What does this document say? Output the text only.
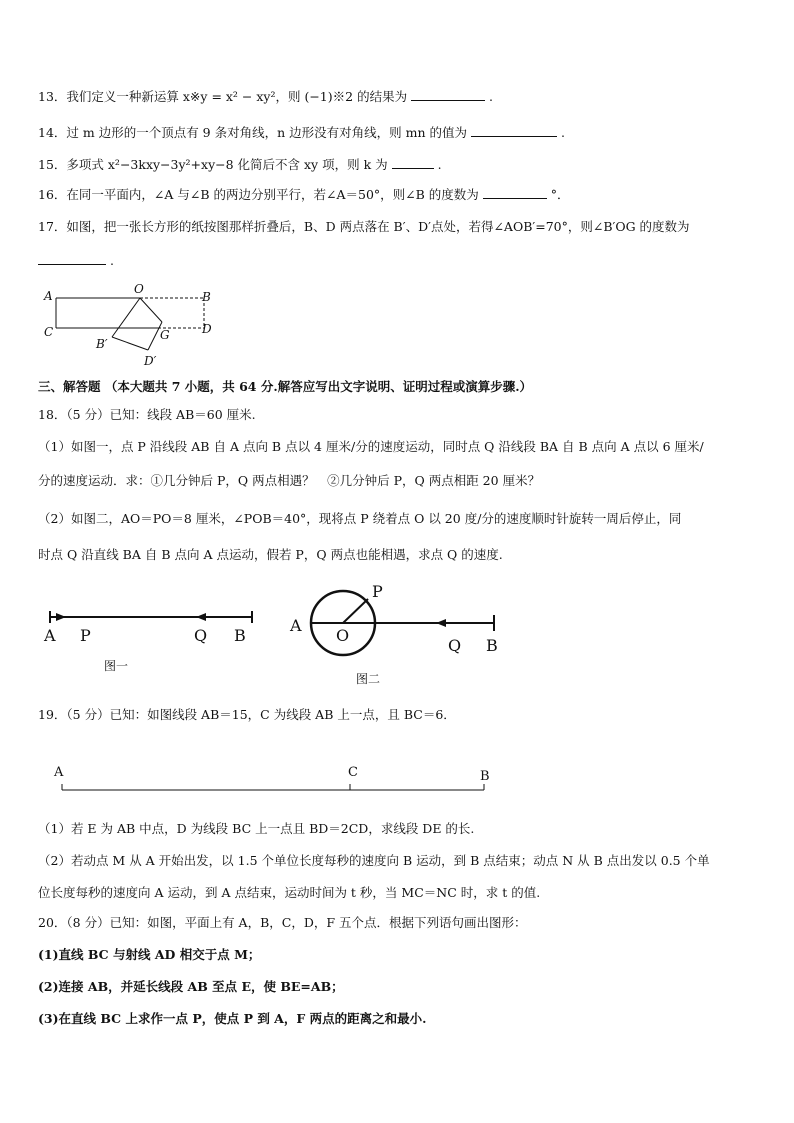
13．我们定义一种新运算 x※y = x² − xy²，则 (−1)※2 的结果为	.
14．过 m 边形的一个顶点有 9 条对角线，n 边形没有对角线，则 mn 的值为	.
15．多项式 x²−3kxy−3y²+xy−8 化简后不含 xy 项，则 k 为	.
16．在同一平面内，∠A 与∠B 的两边分别平行，若∠A＝50°，则∠B 的度数为	°．
17．如图，把一张长方形的纸按图那样折叠后，B、D 两点落在 B′、D′点处，若得∠AOB′=70°，则∠B′OG 的度数为
.
A	O
B
C	D
G
B′
D′
三、解答题 （本大题共 7 小题，共 64 分.解答应写出文字说明、证明过程或演算步骤.）
18．（5 分）已知：线段 AB＝60 厘米.
（1）如图一，点 P 沿线段 AB 自 A 点向 B 点以 4 厘米/分的速度运动，同时点 Q 沿线段 BA 自 B 点向 A 点以 6 厘米/
分的速度运动．求：①几分钟后 P，Q 两点相遇？　②几分钟后 P，Q 两点相距 20 厘米？
（2）如图二，AO＝PO＝8 厘米，∠POB＝40°，现将点 P 绕着点 O 以 20 度/分的速度顺时针旋转一周后停止，同
时点 Q 沿直线 BA 自 B 点向 A 点运动，假若 P，Q 两点也能相遇，求点 Q 的速度.
A P	Q B
图一
A
O
P
Q B
图二
19．（5 分）已知：如图线段 AB＝15，C 为线段 AB 上一点，且 BC＝6．
A	C	B
（1）若 E 为 AB 中点，D 为线段 BC 上一点且 BD＝2CD，求线段 DE 的长.
（2）若动点 M 从 A 开始出发，以 1.5 个单位长度每秒的速度向 B 运动，到 B 点结束；动点 N 从 B 点出发以 0.5 个单
位长度每秒的速度向 A 运动，到 A 点结束，运动时间为 t 秒，当 MC＝NC 时，求 t 的值.
20．（8 分）已知：如图，平面上有 A，B，C，D，F 五个点．根据下列语句画出图形：
(1)直线 BC 与射线 AD 相交于点 M；
(2)连接 AB，并延长线段 AB 至点 E，使 BE=AB；
(3)在直线 BC 上求作一点 P，使点 P 到 A，F 两点的距离之和最小.
